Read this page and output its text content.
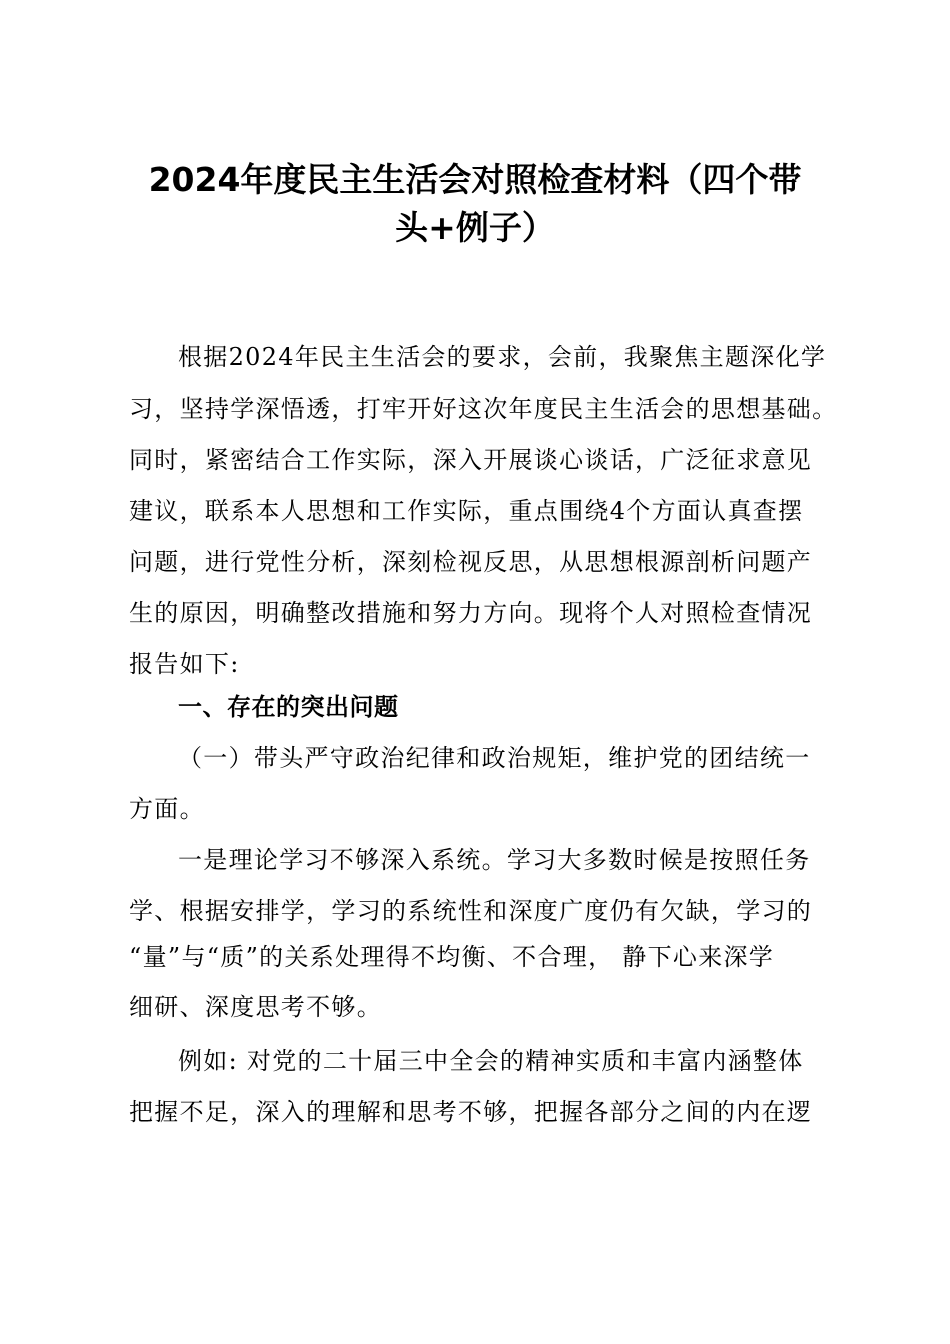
2024年度民主生活会对照检查材料（四个带
头+例子）
根据2024年民主生活会的要求，会前，我聚焦主题深化学
习，坚持学深悟透，打牢开好这次年度民主生活会的思想基础。
同时，紧密结合工作实际，深入开展谈心谈话，广泛征求意见
建议，联系本人思想和工作实际，重点围绕4个方面认真查摆
问题，进行党性分析，深刻检视反思，从思想根源剖析问题产
生的原因，明确整改措施和努力方向。现将个人对照检查情况
报告如下:
一、存在的突出问题
（一）带头严守政治纪律和政治规矩，维护党的团结统一
方面。
一是理论学习不够深入系统。学习大多数时候是按照任务
学、根据安排学，学习的系统性和深度广度仍有欠缺，学习的
“量”与“质”的关系处理得不均衡、不合理， 静下心来深学
细研、深度思考不够。
例如: 对党的二十届三中全会的精神实质和丰富内涵整体
把握不足，深入的理解和思考不够，把握各部分之间的内在逻
